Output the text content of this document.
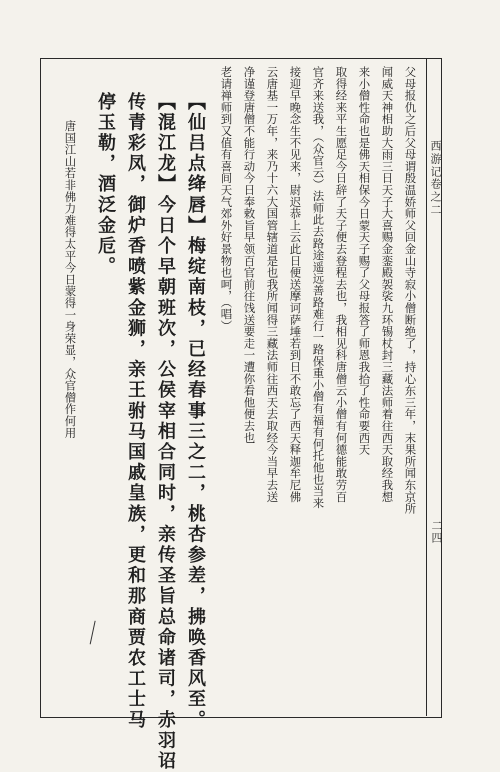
西游记
卷之二
二四
父母报仇之后父母谓殷温娇师父回金山寺寂小僧断绝了，持心东三年，末果所闻东京所
闻威天神相助大雨三日天子大喜赐金銮殿袈裟九环锡杖封三藏法师着往西天取经我想
来小僧性命也是佛天相保今日蒙天子赐了父母报答了师恩我拾了性命要西天
取得经来平生愿足今日辞了天子便去登程去也，我相见科唐僧云小僧有何德能敢劳百
官齐来送我，（众官云）法师此去路途遥远善路难行一路保重小僧有福有何托他也当来
接迎早晚念生不见来，尉迟恭上云此日便送摩诃萨埵若到日不敢忘了西天释迦牟尼佛
云唐基一万年，来乃十六大国管辖道是也我所闻得三藏法师往西天去取经今当早去送
净谨登唐僧不能行动今日奉敕旨早领百官前往饯送要走一遭你看他便去也
老请禅师到又值有喜间天气郊外好景物也呵，（唱）
【仙吕点绛唇】梅绽南枝，已经春事三之二，桃杏参差，拂唤香风至。
【混江龙】今日个早朝班次，公侯宰相合同时，亲传圣旨总命诸司，赤羽诏
传青彩凤，御炉香喷紫金狮，亲王驸马国戚皇族，更和那商贾农工士马
停玉勒，酒泛金卮。
唐国江山若非佛力难得太平今日蒙得一身荣显，众官僧作何用
